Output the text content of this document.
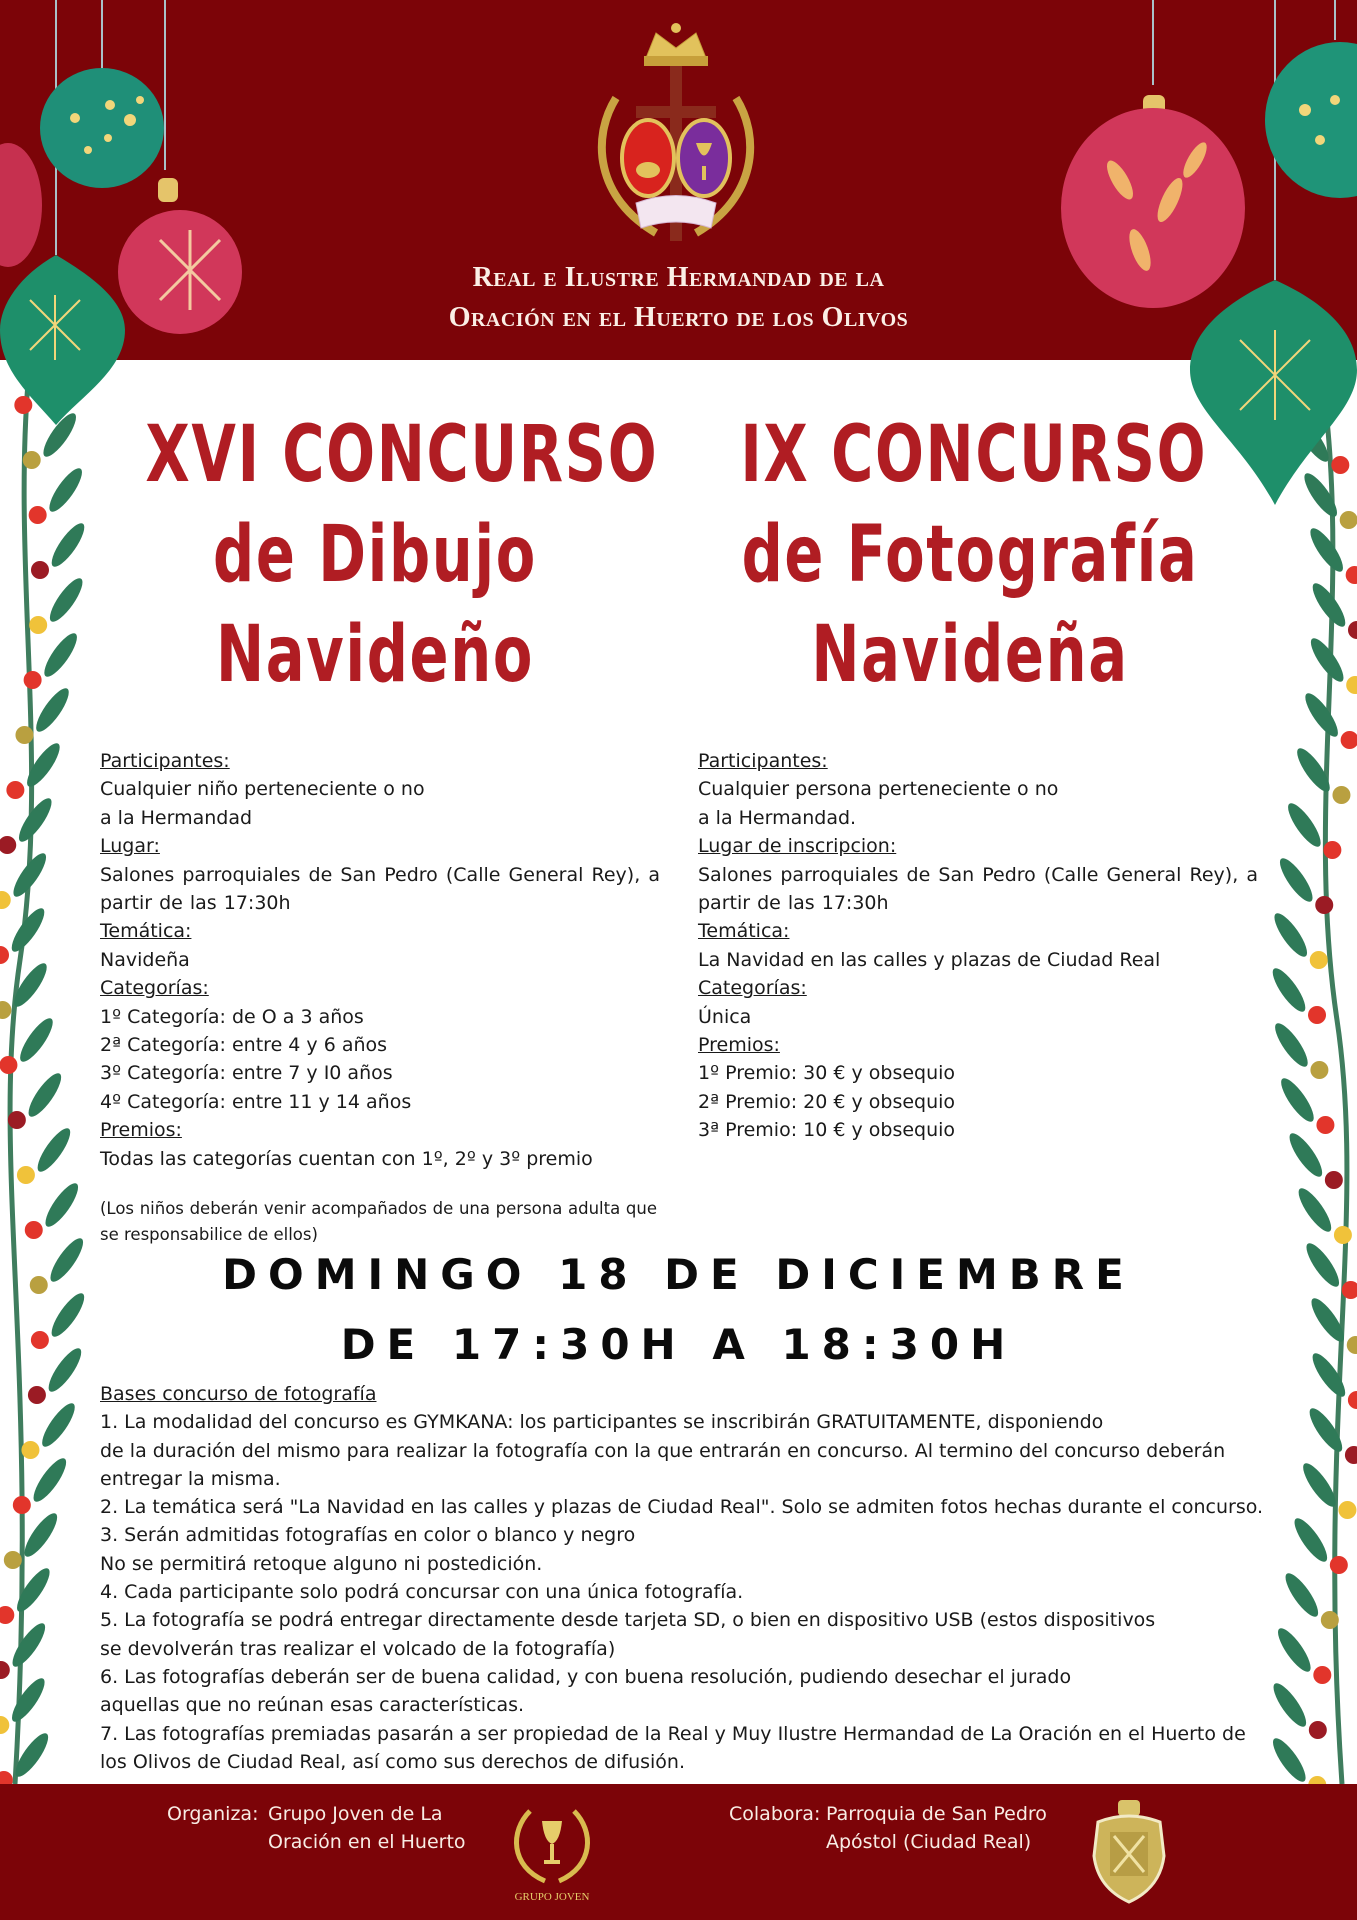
Real e Ilustre Hermandad de la
Oración en el Huerto de los Olivos
XVI CONCURSO
de Dibujo
Navideño
IX CONCURSO
de Fotografía
Navideña
Participantes:
Cualquier niño perteneciente o no
a la Hermandad
Lugar:
Salones parroquiales de San Pedro (Calle General Rey), a partir de las 17:30h
Temática:
Navideña
Categorías:
1º Categoría: de O a 3 años
2ª Categoría: entre 4 y 6 años
3º Categoría: entre 7 y I0 años
4º Categoría: entre 11 y 14 años
Premios:
Todas las categorías cuentan con 1º, 2º y 3º premio
(Los niños deberán venir acompañados de una persona adulta que se responsabilice de ellos)
Participantes:
Cualquier persona perteneciente o no
a la Hermandad.
Lugar de inscripcion:
Salones parroquiales de San Pedro (Calle General Rey), a partir de las 17:30h
Temática:
La Navidad en las calles y plazas de Ciudad Real
Categorías:
Única
Premios:
1º Premio: 30 € y obsequio
2ª Premio: 20 € y obsequio
3ª Premio: 10 € y obsequio
DOMINGO 18 DE DICIEMBRE
DE 17:30H A 18:30H
Bases concurso de fotografía
1. La modalidad del concurso es GYMKANA: los participantes se inscribirán GRATUITAMENTE, disponiendo
de la duración del mismo para realizar la fotografía con la que entrarán en concurso. Al termino del concurso deberán
entregar la misma.
2. La temática será "La Navidad en las calles y plazas de Ciudad Real". Solo se admiten fotos hechas durante el concurso.
3. Serán admitidas fotografías en color o blanco y negro
No se permitirá retoque alguno ni postedición.
4. Cada participante solo podrá concursar con una única fotografía.
5. La fotografía se podrá entregar directamente desde tarjeta SD, o bien en dispositivo USB (estos dispositivos
se devolverán tras realizar el volcado de la fotografía)
6. Las fotografías deberán ser de buena calidad, y con buena resolución, pudiendo desechar el jurado
aquellas que no reúnan esas características.
7. Las fotografías premiadas pasarán a ser propiedad de la Real y Muy Ilustre Hermandad de La Oración en el Huerto de
los Olivos de Ciudad Real, así como sus derechos de difusión.
Organiza: Grupo Joven de La
Oración en el Huerto
GRUPO JOVEN
Colabora: Parroquia de San Pedro
Apóstol (Ciudad Real)
